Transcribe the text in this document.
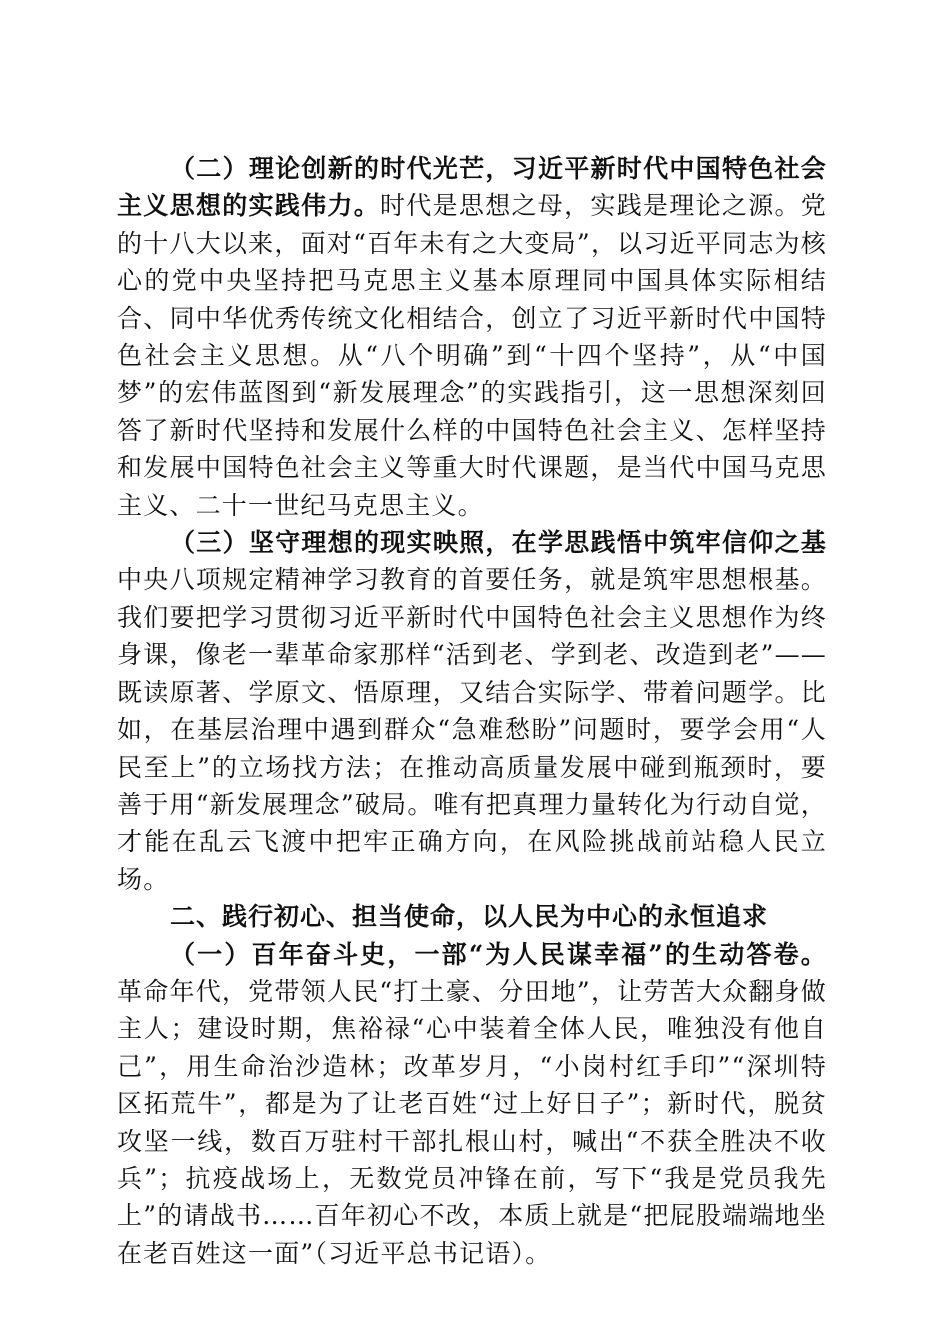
（二）理论创新的时代光芒，习近平新时代中国特色社会主义思想的实践伟力。时代是思想之母，实践是理论之源。党的十八大以来，面对“百年未有之大变局”，以习近平同志为核心的党中央坚持把马克思主义基本原理同中国具体实际相结合、同中华优秀传统文化相结合，创立了习近平新时代中国特色社会主义思想。从“八个明确”到“十四个坚持”，从“中国梦”的宏伟蓝图到“新发展理念”的实践指引，这一思想深刻回答了新时代坚持和发展什么样的中国特色社会主义、怎样坚持和发展中国特色社会主义等重大时代课题，是当代中国马克思主义、二十一世纪马克思主义。

（三）坚守理想的现实映照，在学思践悟中筑牢信仰之基中央八项规定精神学习教育的首要任务，就是筑牢思想根基。我们要把学习贯彻习近平新时代中国特色社会主义思想作为终身课，像老一辈革命家那样“活到老、学到老、改造到老”——既读原著、学原文、悟原理，又结合实际学、带着问题学。比如，在基层治理中遇到群众“急难愁盼”问题时，要学会用“人民至上”的立场找方法；在推动高质量发展中碰到瓶颈时，要善于用“新发展理念”破局。唯有把真理力量转化为行动自觉，才能在乱云飞渡中把牢正确方向，在风险挑战前站稳人民立场。

二、践行初心、担当使命，以人民为中心的永恒追求

（一）百年奋斗史，一部“为人民谋幸福”的生动答卷。革命年代，党带领人民“打土豪、分田地”，让劳苦大众翻身做主人；建设时期，焦裕禄“心中装着全体人民，唯独没有他自己”，用生命治沙造林；改革岁月，“小岗村红手印”“深圳特区拓荒牛”，都是为了让老百姓“过上好日子”；新时代，脱贫攻坚一线，数百万驻村干部扎根山村，喊出“不获全胜决不收兵”；抗疫战场上，无数党员冲锋在前，写下“我是党员我先上”的请战书……百年初心不改，本质上就是“把屁股端端地坐在老百姓这一面”（习近平总书记语）。
